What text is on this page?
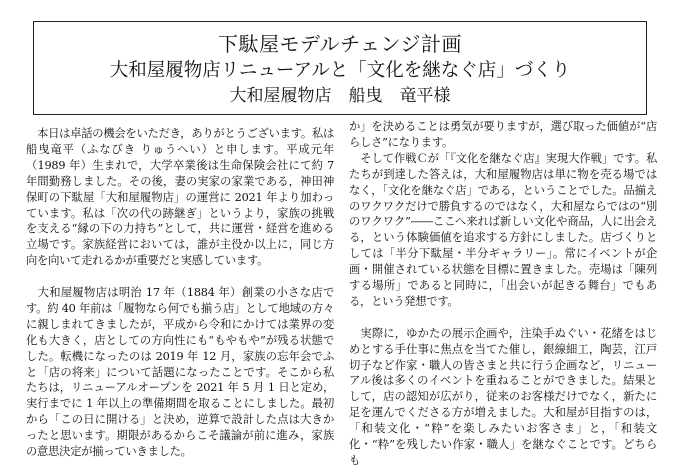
下駄屋モデルチェンジ計画
大和屋履物店リニューアルと「文化を継なぐ店」づくり
大和屋履物店　船曳　竜平様

　本日は卓話の機会をいただき，ありがとうございます。私は船曳竜平（ふなびき りゅうへい）と申します。平成元年（1989 年）生まれで，大学卒業後は生命保険会社にて約 7 年間勤務しました。その後，妻の実家の家業である，神田神保町の下駄屋「大和屋履物店」の運営に 2021 年より加わっています。私は「次の代の跡継ぎ」というより，家族の挑戦を支える“縁の下の力持ち”として，共に運営・経営を進める立場です。家族経営においては，誰が主役か以上に，同じ方向を向いて走れるかが重要だと実感しています。

　大和屋履物店は明治 17 年（1884 年）創業の小さな店です。約 40 年前は「履物なら何でも揃う店」として地域の方々に親しまれてきましたが，平成から令和にかけては業界の変化も大きく，店としての方向性にも“もやもや”が残る状態でした。転機になったのは 2019 年 12 月，家族の忘年会でふと「店の将来」について話題になったことです。そこから私たちは，リニューアルオープンを 2021 年 5 月 1 日と定め，実行までに 1 年以上の準備期間を取ることにしました。最初から「この日に開ける」と決め，逆算で設計した点は大きかったと思います。期限があるからこそ議論が前に進み，家族の意思決定が揃っていきました。

か」を決めることは勇気が要りますが，選び取った価値が“店らしさ”になります。

　そして作戦Ｃが「『文化を継なぐ店』実現大作戦」です。私たちが到達した答えは，大和屋履物店は単に物を売る場ではなく，「文化を継なぐ店」である，ということでした。品揃えのワクワクだけで勝負するのではなく，大和屋ならではの“別のワクワク”――ここへ来れば新しい文化や商品，人に出会える，という体験価値を追求する方針にしました。店づくりとしては「半分下駄屋・半分ギャラリー」。常にイベントが企画・開催されている状態を目標に置きました。売場は「陳列する場所」であると同時に，「出会いが起きる舞台」でもある，という発想です。

　実際に，ゆかたの展示企画や，注染手ぬぐい・花緒をはじめとする手仕事に焦点を当てた催し，銀線細工，陶芸，江戸切子など作家・職人の皆さまと共に行う企画など，リニューアル後は多くのイベントを重ねることができました。結果として，店の認知が広がり，従来のお客様だけでなく，新たに足を運んでくださる方が増えました。大和屋が目指すのは，「和装文化・“粋”を楽しみたいお客さま」と，「和装文化・“粋”を残したい作家・職人」を継なぐことです。どちらも
